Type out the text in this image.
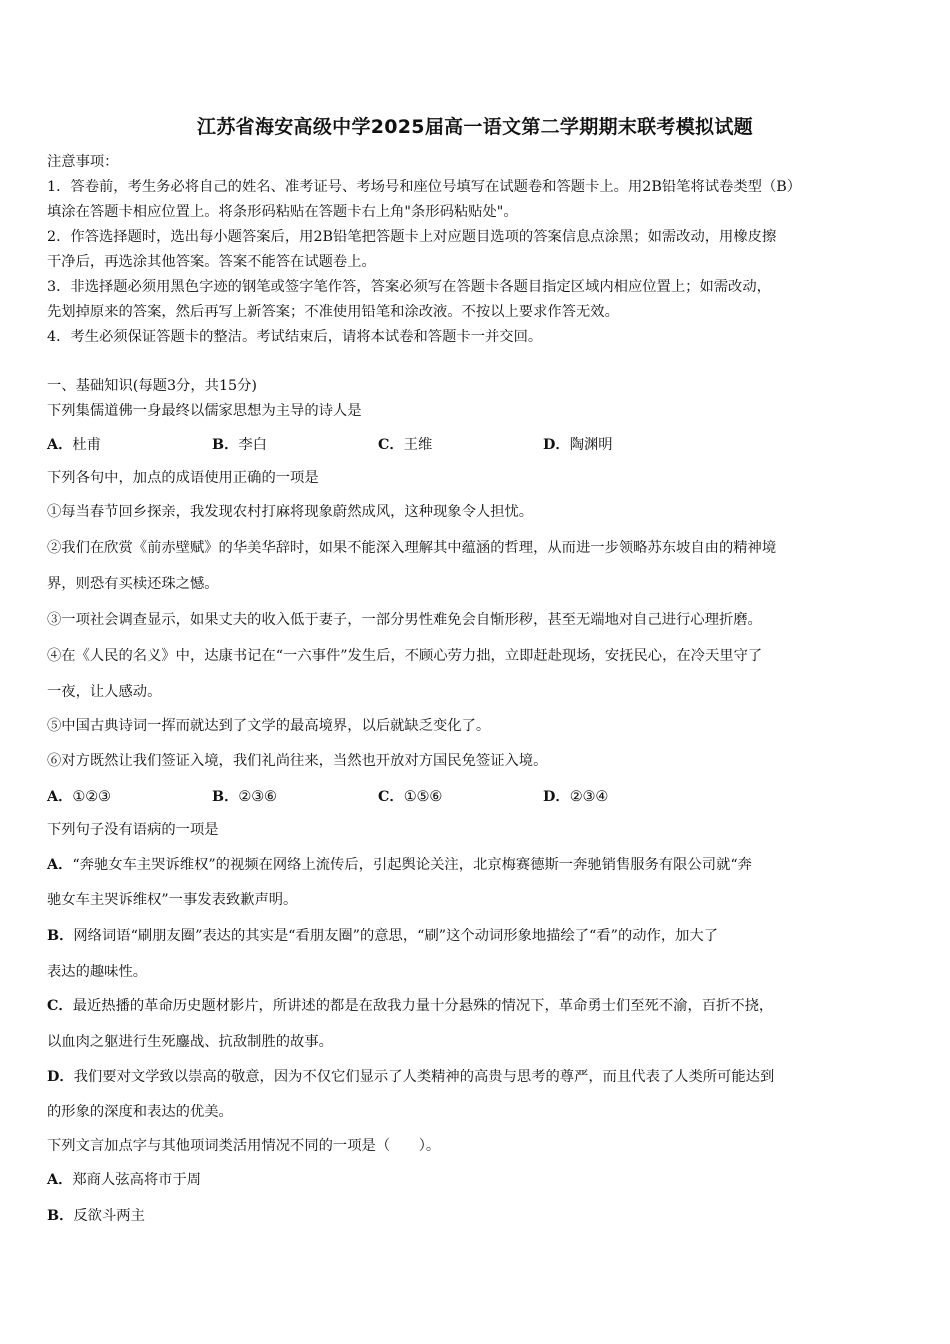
江苏省海安高级中学2025届高一语文第二学期期末联考模拟试题
注意事项：
1．答卷前，考生务必将自己的姓名、准考证号、考场号和座位号填写在试题卷和答题卡上。用2B铅笔将试卷类型（B）
填涂在答题卡相应位置上。将条形码粘贴在答题卡右上角"条形码粘贴处"。
2．作答选择题时，选出每小题答案后，用2B铅笔把答题卡上对应题目选项的答案信息点涂黑；如需改动，用橡皮擦
干净后，再选涂其他答案。答案不能答在试题卷上。
3．非选择题必须用黑色字迹的钢笔或签字笔作答，答案必须写在答题卡各题目指定区域内相应位置上；如需改动，
先划掉原来的答案，然后再写上新答案；不准使用铅笔和涂改液。不按以上要求作答无效。
4．考生必须保证答题卡的整洁。考试结束后，请将本试卷和答题卡一并交回。
一、基础知识(每题3分，共15分)
下列集儒道佛一身最终以儒家思想为主导的诗人是
A．杜甫	B．李白	C．王维	D．陶渊明
下列各句中，加点的成语使用正确的一项是
①每当春节回乡探亲，我发现农村打麻将现象蔚然成风，这种现象令人担忧。
②我们在欣赏《前赤壁赋》的华美华辞时，如果不能深入理解其中蕴涵的哲理，从而进一步领略苏东坡自由的精神境
界，则恐有买椟还珠之憾。
③一项社会调查显示，如果丈夫的收入低于妻子，一部分男性难免会自惭形秽，甚至无端地对自己进行心理折磨。
④在《人民的名义》中，达康书记在“一六事件”发生后，不顾心劳力拙，立即赶赴现场，安抚民心，在冷天里守了
一夜，让人感动。
⑤中国古典诗词一挥而就达到了文学的最高境界，以后就缺乏变化了。
⑥对方既然让我们签证入境，我们礼尚往来，当然也开放对方国民免签证入境。
A．①②③	B．②③⑥	C．①⑤⑥	D．②③④
下列句子没有语病的一项是
A．“奔驰女车主哭诉维权”的视频在网络上流传后，引起舆论关注，北京梅赛德斯一奔驰销售服务有限公司就“奔
驰女车主哭诉维权”一事发表致歉声明。
B．网络词语“刷朋友圈”表达的其实是“看朋友圈”的意思，“刷”这个动词形象地描绘了“看”的动作，加大了
表达的趣味性。
C．最近热播的革命历史题材影片，所讲述的都是在敌我力量十分悬殊的情况下，革命勇士们至死不渝，百折不挠，
以血肉之躯进行生死鏖战、抗敌制胜的故事。
D．我们要对文学致以崇高的敬意，因为不仅它们显示了人类精神的高贵与思考的尊严，而且代表了人类所可能达到
的形象的深度和表达的优美。
下列文言加点字与其他项词类活用情况不同的一项是（　　）。
A．郑商人弦高将市于周
B．反欲斗两主
